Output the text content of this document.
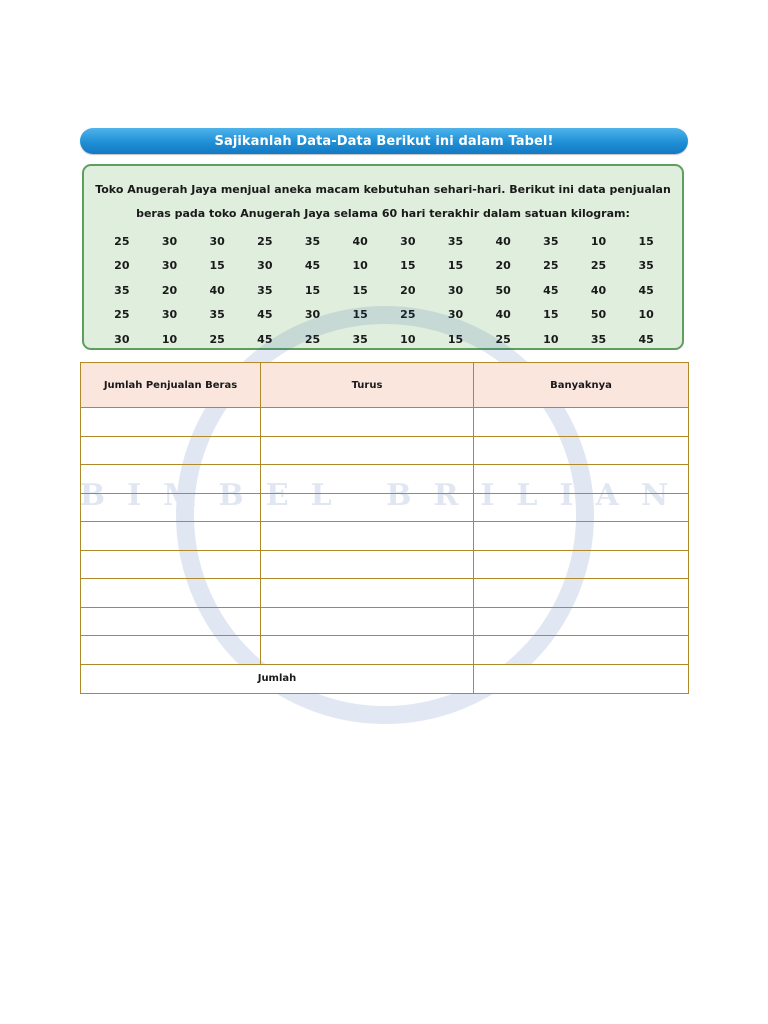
Sajikanlah Data-Data Berikut ini dalam Tabel!
Toko Anugerah Jaya menjual aneka macam kebutuhan sehari-hari. Berikut ini data penjualan
beras pada toko Anugerah Jaya selama 60 hari terakhir dalam satuan kilogram:
25	30	30	25	35	40	30	35	40	35	10	15
20	30	15	30	45	10	15	15	20	25	25	35
35	20	40	35	15	15	20	30	50	45	40	45
25	30	35	45	30	15	25	30	40	15	50	10
30	10	25	45	25	35	10	15	25	10	35	45
BIMBEL BRILIAN
Jumlah Penjualan Beras	Turus	Banyaknya

Jumlah		
